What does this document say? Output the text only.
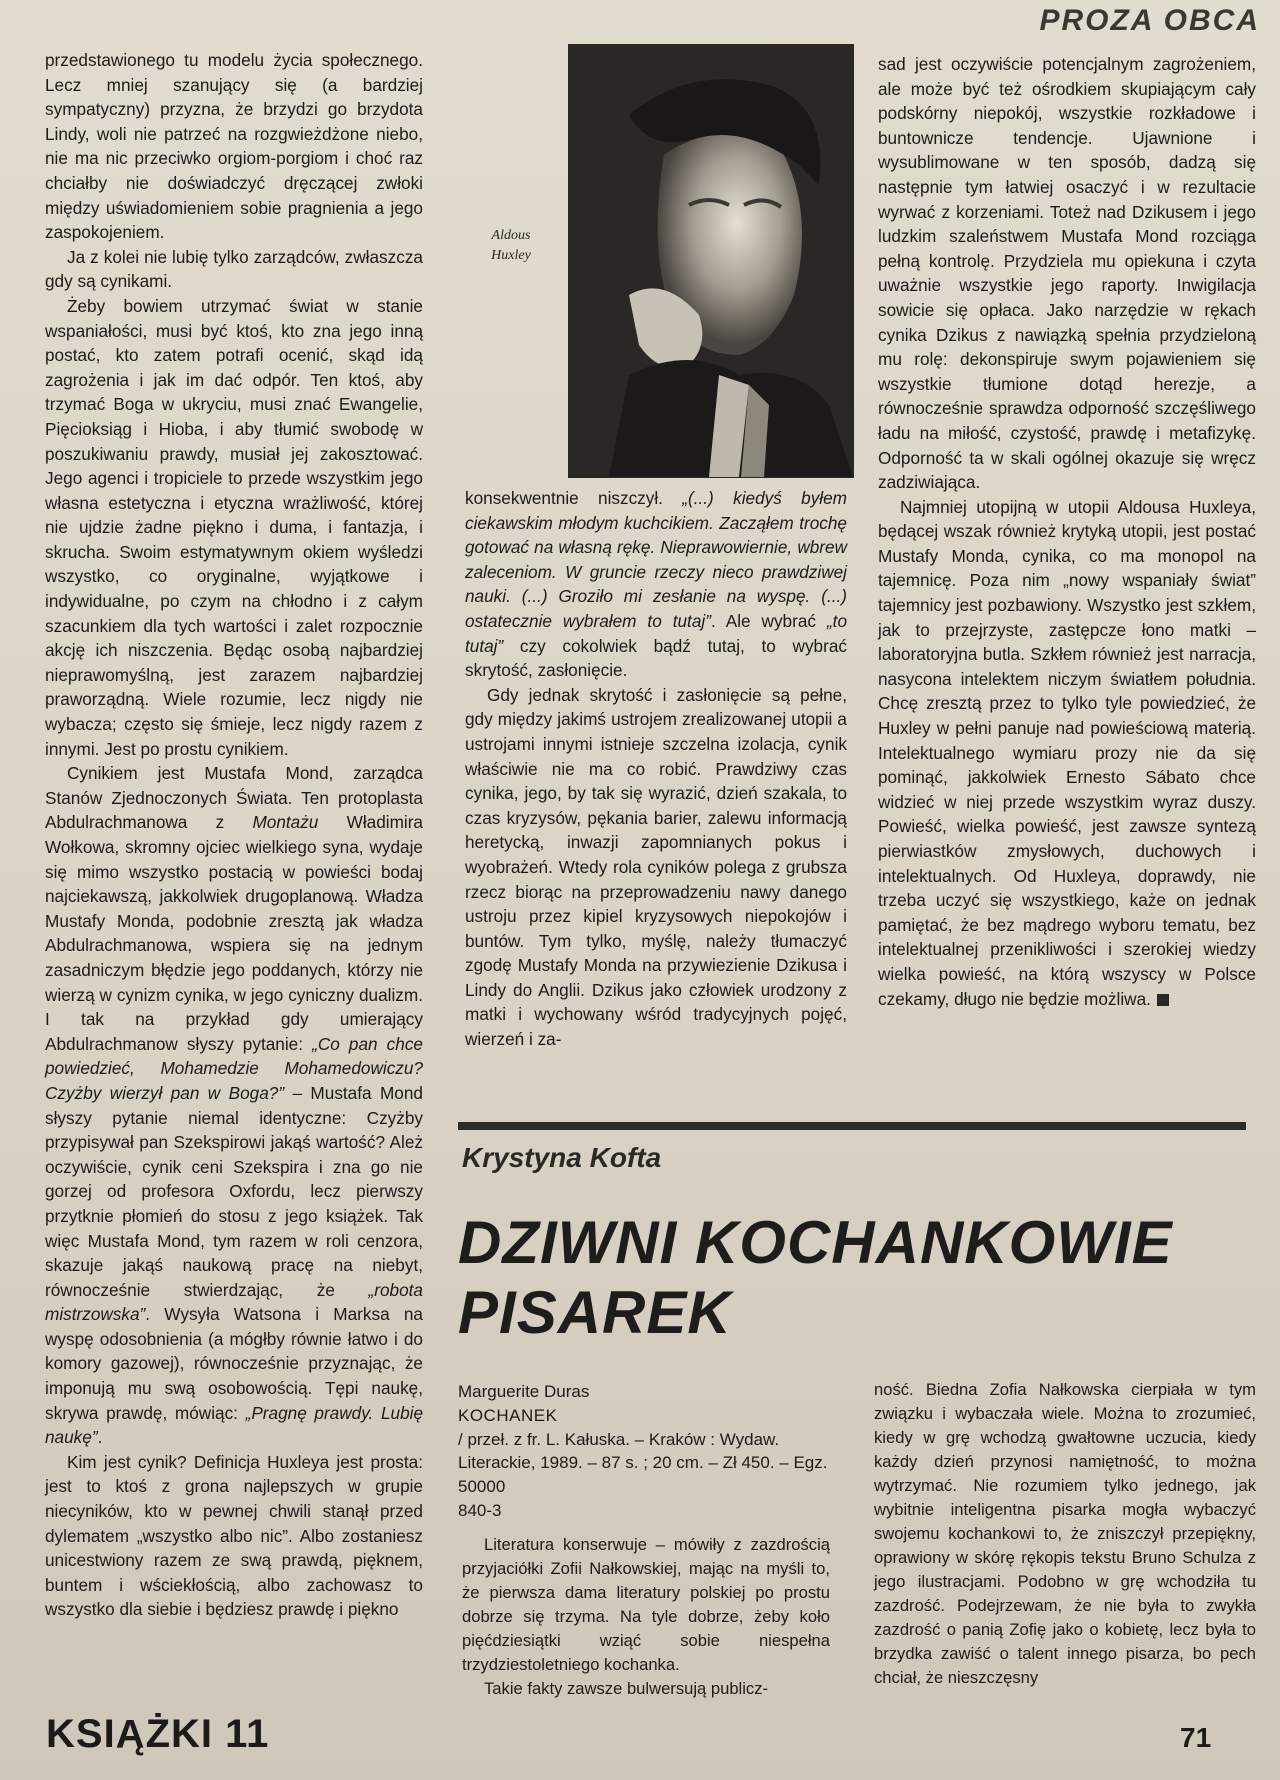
PROZA OBCA

przedstawionego tu modelu życia społecznego. Lecz mniej szanujący się (a bardziej sympatyczny) przyzna, że brzydzi go brzydota Lindy, woli nie patrzeć na rozgwieżdżone niebo, nie ma nic przeciwko orgiom-porgiom i choć raz chciałby nie doświadczyć dręczącej zwłoki między uświadomieniem sobie pragnienia a jego zaspokojeniem.

Ja z kolei nie lubię tylko zarządców, zwłaszcza gdy są cynikami.

Żeby bowiem utrzymać świat w stanie wspaniałości, musi być ktoś, kto zna jego inną postać, kto zatem potrafi ocenić, skąd idą zagrożenia i jak im dać odpór. Ten ktoś, aby trzymać Boga w ukryciu, musi znać Ewangelie, Pięcioksiąg i Hioba, i aby tłumić swobodę w poszukiwaniu prawdy, musiał jej zakosztować. Jego agenci i tropiciele to przede wszystkim jego własna estetyczna i etyczna wrażliwość, której nie ujdzie żadne piękno i duma, i fantazja, i skrucha. Swoim estymatywnym okiem wyśledzi wszystko, co oryginalne, wyjątkowe i indywidualne, po czym na chłodno i z całym szacunkiem dla tych wartości i zalet rozpocznie akcję ich niszczenia. Będąc osobą najbardziej nieprawomyślną, jest zarazem najbardziej praworządną. Wiele rozumie, lecz nigdy nie wybacza; często się śmieje, lecz nigdy razem z innymi. Jest po prostu cynikiem.

Cynikiem jest Mustafa Mond, zarządca Stanów Zjednoczonych Świata. Ten protoplasta Abdulrachmanowa z Montażu Władimira Wołkowa, skromny ojciec wielkiego syna, wydaje się mimo wszystko postacią w powieści bodaj najciekawszą, jakkolwiek drugoplanową. Władza Mustafy Monda, podobnie zresztą jak władza Abdulrachmanowa, wspiera się na jednym zasadniczym błędzie jego poddanych, którzy nie wierzą w cynizm cynika, w jego cyniczny dualizm. I tak na przykład gdy umierający Abdulrachmanow słyszy pytanie: „Co pan chce powiedzieć, Mohamedzie Mohamedowiczu? Czyżby wierzył pan w Boga?” – Mustafa Mond słyszy pytanie niemal identyczne: Czyżby przypisywał pan Szekspirowi jakąś wartość? Ależ oczywiście, cynik ceni Szekspira i zna go nie gorzej od profesora Oxfordu, lecz pierwszy przytknie płomień do stosu z jego książek. Tak więc Mustafa Mond, tym razem w roli cenzora, skazuje jakąś naukową pracę na niebyt, równocześnie stwierdzając, że „robota mistrzowska”. Wysyła Watsona i Marksa na wyspę odosobnienia (a mógłby równie łatwo i do komory gazowej), równocześnie przyznając, że imponują mu swą osobowością. Tępi naukę, skrywa prawdę, mówiąc: „Pragnę prawdy. Lubię naukę”.

Kim jest cynik? Definicja Huxleya jest prosta: jest to ktoś z grona najlepszych w grupie niecyników, kto w pewnej chwili stanął przed dylematem „wszystko albo nic”. Albo zostaniesz unicestwiony razem ze swą prawdą, pięknem, buntem i wściekłością, albo zachowasz to wszystko dla siebie i będziesz prawdę i piękno

Aldous
Huxley

konsekwentnie niszczył. „(...) kiedyś byłem ciekawskim młodym kuchcikiem. Zacząłem trochę gotować na własną rękę. Nieprawowiernie, wbrew zaleceniom. W gruncie rzeczy nieco prawdziwej nauki. (...) Groziło mi zesłanie na wyspę. (...) ostatecznie wybrałem to tutaj”. Ale wybrać „to tutaj” czy cokolwiek bądź tutaj, to wybrać skrytość, zasłonięcie.

Gdy jednak skrytość i zasłonięcie są pełne, gdy między jakimś ustrojem zrealizowanej utopii a ustrojami innymi istnieje szczelna izolacja, cynik właściwie nie ma co robić. Prawdziwy czas cynika, jego, by tak się wyrazić, dzień szakala, to czas kryzysów, pękania barier, zalewu informacją heretycką, inwazji zapomnianych pokus i wyobrażeń. Wtedy rola cyników polega z grubsza rzecz biorąc na przeprowadzeniu nawy danego ustroju przez kipiel kryzysowych niepokojów i buntów. Tym tylko, myślę, należy tłumaczyć zgodę Mustafy Monda na przywiezienie Dzikusa i Lindy do Anglii. Dzikus jako człowiek urodzony z matki i wychowany wśród tradycyjnych pojęć, wierzeń i za-

sad jest oczywiście potencjalnym zagrożeniem, ale może być też ośrodkiem skupiającym cały podskórny niepokój, wszystkie rozkładowe i buntownicze tendencje. Ujawnione i wysublimowane w ten sposób, dadzą się następnie tym łatwiej osaczyć i w rezultacie wyrwać z korzeniami. Toteż nad Dzikusem i jego ludzkim szaleństwem Mustafa Mond rozciąga pełną kontrolę. Przydziela mu opiekuna i czyta uważnie wszystkie jego raporty. Inwigilacja sowicie się opłaca. Jako narzędzie w rękach cynika Dzikus z nawiązką spełnia przydzieloną mu rolę: dekonspiruje swym pojawieniem się wszystkie tłumione dotąd herezje, a równocześnie sprawdza odporność szczęśliwego ładu na miłość, czystość, prawdę i metafizykę. Odporność ta w skali ogólnej okazuje się wręcz zadziwiająca.

Najmniej utopijną w utopii Aldousa Huxleya, będącej wszak również krytyką utopii, jest postać Mustafy Monda, cynika, co ma monopol na tajemnicę. Poza nim „nowy wspaniały świat” tajemnicy jest pozbawiony. Wszystko jest szkłem, jak to przejrzyste, zastępcze łono matki – laboratoryjna butla. Szkłem również jest narracja, nasycona intelektem niczym światłem południa. Chcę zresztą przez to tylko tyle powiedzieć, że Huxley w pełni panuje nad powieściową materią. Intelektualnego wymiaru prozy nie da się pominąć, jakkolwiek Ernesto Sábato chce widzieć w niej przede wszystkim wyraz duszy. Powieść, wielka powieść, jest zawsze syntezą pierwiastków zmysłowych, duchowych i intelektualnych. Od Huxleya, doprawdy, nie trzeba uczyć się wszystkiego, każe on jednak pamiętać, że bez mądrego wyboru tematu, bez intelektualnej przenikliwości i szerokiej wiedzy wielka powieść, na którą wszyscy w Polsce czekamy, długo nie będzie możliwa.

Krystyna Kofta
DZIWNI KOCHANKOWIE
PISAREK
Marguerite Duras
KOCHANEK
/ przeł. z fr. L. Kałuska. – Kraków : Wydaw. Literackie, 1989. – 87 s. ; 20 cm. – Zł 450. – Egz. 50000
840-3

Literatura konserwuje – mówiły z zazdrością przyjaciółki Zofii Nałkowskiej, mając na myśli to, że pierwsza dama literatury polskiej po prostu dobrze się trzyma. Na tyle dobrze, żeby koło pięćdziesiątki wziąć sobie niespełna trzydziestoletniego kochanka.

Takie fakty zawsze bulwersują publicz-

ność. Biedna Zofia Nałkowska cierpiała w tym związku i wybaczała wiele. Można to zrozumieć, kiedy w grę wchodzą gwałtowne uczucia, kiedy każdy dzień przynosi namiętność, to można wytrzymać. Nie rozumiem tylko jednego, jak wybitnie inteligentna pisarka mogła wybaczyć swojemu kochankowi to, że zniszczył przepiękny, oprawiony w skórę rękopis tekstu Bruno Schulza z jego ilustracjami. Podobno w grę wchodziła tu zazdrość. Podejrzewam, że nie była to zwykła zazdrość o panią Zofię jako o kobietę, lecz była to brzydka zawiść o talent innego pisarza, bo pech chciał, że nieszczęsny

KSIĄŻKI 11	71
